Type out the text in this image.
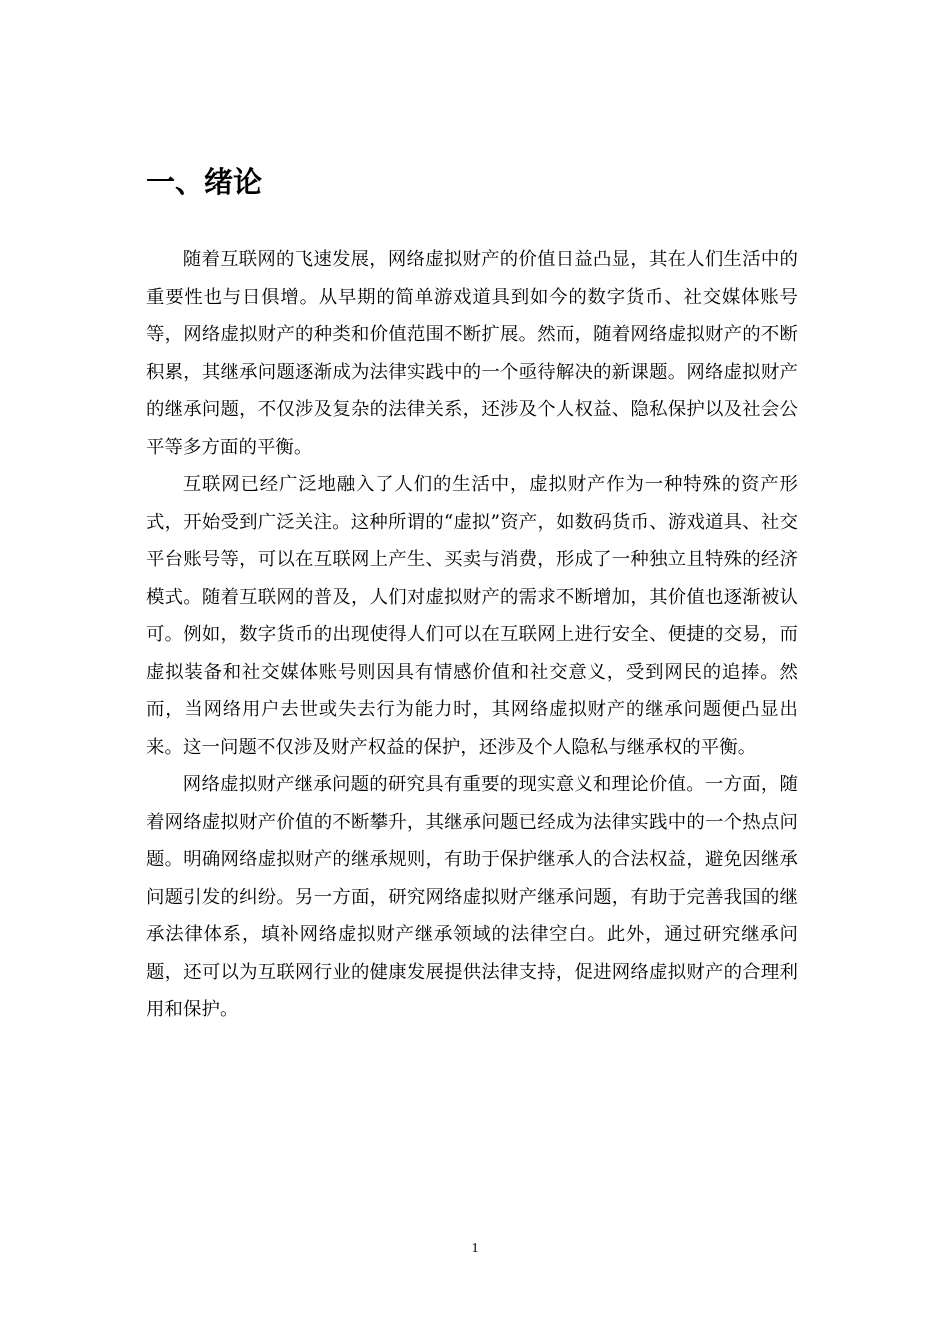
一、绪论

随着互联网的飞速发展，网络虚拟财产的价值日益凸显，其在人们生活中的重要性也与日俱增。从早期的简单游戏道具到如今的数字货币、社交媒体账号等，网络虚拟财产的种类和价值范围不断扩展。然而，随着网络虚拟财产的不断积累，其继承问题逐渐成为法律实践中的一个亟待解决的新课题。网络虚拟财产的继承问题，不仅涉及复杂的法律关系，还涉及个人权益、隐私保护以及社会公平等多方面的平衡。

互联网已经广泛地融入了人们的生活中，虚拟财产作为一种特殊的资产形式，开始受到广泛关注。这种所谓的“虚拟”资产，如数码货币、游戏道具、社交平台账号等，可以在互联网上产生、买卖与消费，形成了一种独立且特殊的经济模式。随着互联网的普及，人们对虚拟财产的需求不断增加，其价值也逐渐被认可。例如，数字货币的出现使得人们可以在互联网上进行安全、便捷的交易，而虚拟装备和社交媒体账号则因具有情感价值和社交意义，受到网民的追捧。然而，当网络用户去世或失去行为能力时，其网络虚拟财产的继承问题便凸显出来。这一问题不仅涉及财产权益的保护，还涉及个人隐私与继承权的平衡。

网络虚拟财产继承问题的研究具有重要的现实意义和理论价值。一方面，随着网络虚拟财产价值的不断攀升，其继承问题已经成为法律实践中的一个热点问题。明确网络虚拟财产的继承规则，有助于保护继承人的合法权益，避免因继承问题引发的纠纷。另一方面，研究网络虚拟财产继承问题，有助于完善我国的继承法律体系，填补网络虚拟财产继承领域的法律空白。此外，通过研究继承问题，还可以为互联网行业的健康发展提供法律支持，促进网络虚拟财产的合理利用和保护。

1
